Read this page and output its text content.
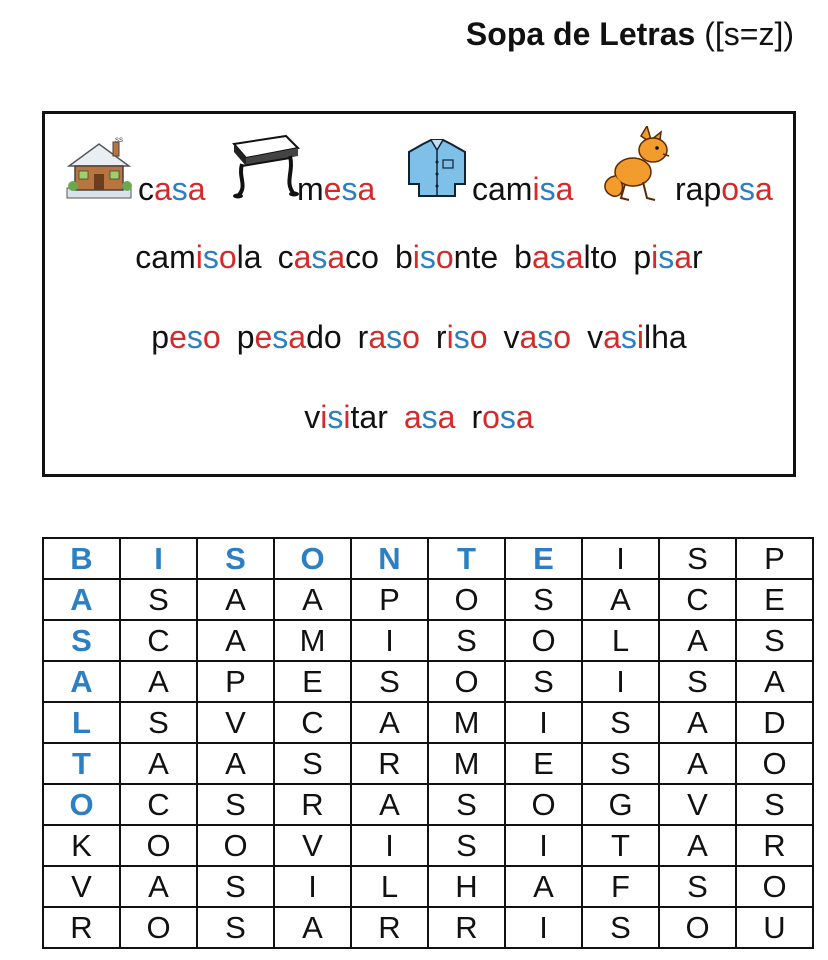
Sopa de Letras ([s=z])
ss
casa	mesa	camisa	raposa
camisola casaco bisonte basalto pisar
peso pesado raso riso vaso vasilha
visitar asa rosa
B	I	S	O	N	T	E	I	S	P
A	S	A	A	P	O	S	A	C	E
S	C	A	M	I	S	O	L	A	S
A	A	P	E	S	O	S	I	S	A
L	S	V	C	A	M	I	S	A	D
T	A	A	S	R	M	E	S	A	O
O	C	S	R	A	S	O	G	V	S
K	O	O	V	I	S	I	T	A	R
V	A	S	I	L	H	A	F	S	O
R	O	S	A	R	R	I	S	O	U
